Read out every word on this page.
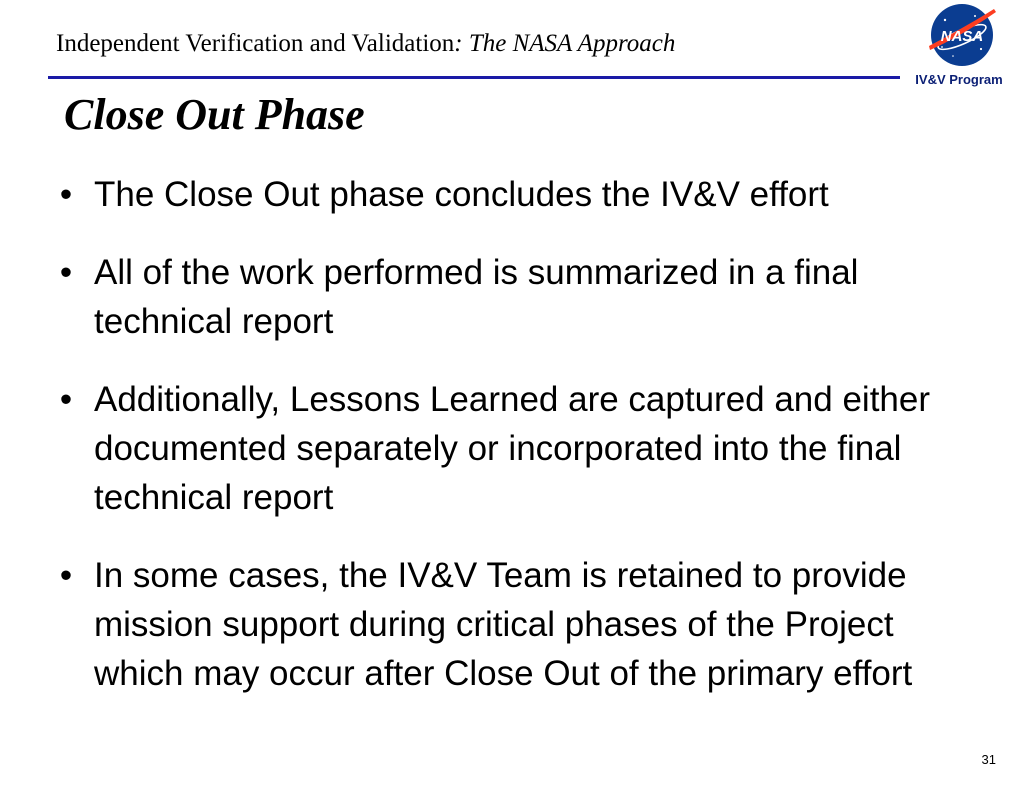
Independent Verification and Validation: The NASA Approach	NASA
IV&V Program
Close Out Phase
• The Close Out phase concludes the IV&V effort
• All of the work performed is summarized in a final technical report
• Additionally, Lessons Learned are captured and either documented separately or incorporated into the final technical report
• In some cases, the IV&V Team is retained to provide mission support during critical phases of the Project which may occur after Close Out of the primary effort
31
